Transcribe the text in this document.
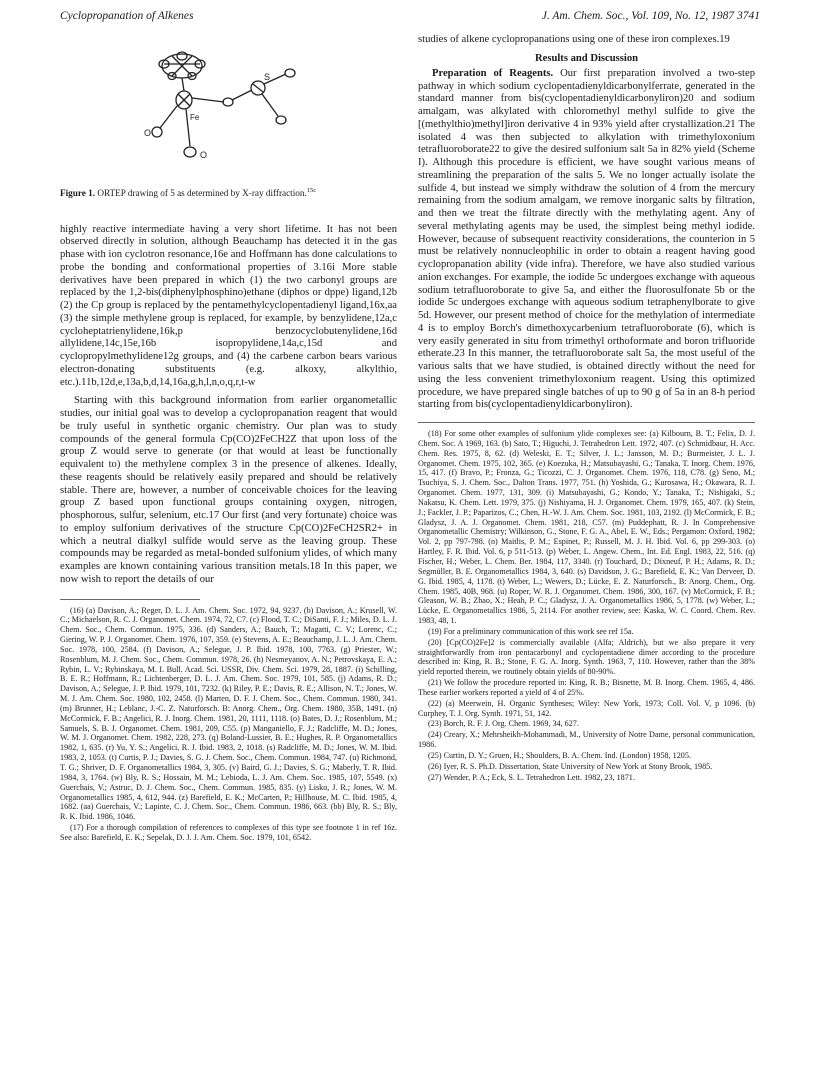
Cyclopropanation of Alkenes	J. Am. Chem. Soc., Vol. 109, No. 12, 1987 3741
S
Fe
O
O
Figure 1. ORTEP drawing of 5 as determined by X-ray diffraction.$^{15c}$

highly reactive intermediate having a very short lifetime. It has not been observed directly in solution, although Beauchamp has detected it in the gas phase with ion cyclotron resonance,16e and Hoffmann has done calculations to probe the bonding and conformational properties of 3.16i More stable derivatives have been prepared in which (1) the two carbonyl groups are replaced by the 1,2-bis(diphenylphosphino)ethane (diphos or dppe) ligand,12b (2) the Cp group is replaced by the pentamethylcyclopentadienyl ligand,16x,aa (3) the simple methylene group is replaced, for example, by benzylidene,12a,c cycloheptatrienylidene,16k,p benzocyclobutenylidene,16d allylidene,14c,15e,16b isopropylidene,14a,c,15d and cyclopropylmethylidene12g groups, and (4) the carbene carbon bears various electron-donating substituents (e.g. alkoxy, alkylthio, etc.).11b,12d,e,13a,b,d,14,16a,g,h,l,n,o,q,r,t-w

Starting with this background information from earlier organometallic studies, our initial goal was to develop a cyclopropanation reagent that would be truly useful in synthetic organic chemistry. Our plan was to study compounds of the general formula Cp(CO)2FeCH2Z that upon loss of the group Z would serve to generate (or that would at least be functionally equivalent to) the methylene complex 3 in the presence of alkenes. Ideally, these reagents should be relatively easily prepared and should be relatively stable. There are, however, a number of conceivable choices for the leaving group Z based upon functional groups containing oxygen, nitrogen, phosphorous, sulfur, selenium, etc.17 Our first (and very fortunate) choice was to employ sulfonium derivatives of the structure Cp(CO)2FeCH2SR2+ in which a neutral dialkyl sulfide would serve as the leaving group. These compounds may be regarded as metal-bonded sulfonium ylides, of which many examples are known containing various transition metals.18 In this paper, we now wish to report the details of our

(16) (a) Davison, A.; Reger, D. L. J. Am. Chem. Soc. 1972, 94, 9237. (b) Davison, A.; Krusell, W. C.; Michaelson, R. C. J. Organomet. Chem. 1974, 72, C7. (c) Flood, T. C.; DiSanti, F. J.; Miles, D. L. J. Chem. Soc., Chem. Commun. 1975, 336. (d) Sanders, A.; Bauch, T.; Magatti, C. V.; Lorenc, C.; Giering, W. P. J. Organomet. Chem. 1976, 107, 359. (e) Stevens, A. E.; Beauchamp, J. L. J. Am. Chem. Soc. 1978, 100, 2584. (f) Davison, A.; Selegue, J. P. Ibid. 1978, 100, 7763. (g) Priester, W.; Rosenblum, M. J. Chem. Soc., Chem. Commun. 1978, 26. (h) Nesmeyanov, A. N.; Petrovskaya, E. A.; Rybin, L. V.; Rybinskaya, M. I. Bull. Acad. Sci. USSR, Div. Chem. Sci. 1979, 28, 1887. (i) Schilling, B. E. R.; Hoffmann, R.; Lichtenberger, D. L. J. Am. Chem. Soc. 1979, 101, 585. (j) Adams, R. D.; Davison, A.; Selegue, J. P. Ibid. 1979, 101, 7232. (k) Riley, P. E.; Davis, R. E.; Allison, N. T.; Jones, W. M. J. Am. Chem. Soc. 1980, 102, 2458. (l) Marten, D. F. J. Chem. Soc., Chem. Commun. 1980, 341. (m) Brunner, H.; Leblanc, J.-C. Z. Naturforsch. B: Anorg. Chem., Org. Chem. 1980, 35B, 1491. (n) McCormick, F. B.; Angelici, R. J. Inorg. Chem. 1981, 20, 1111, 1118. (o) Bates, D. J.; Rosenblum, M.; Samuels, S. B. J. Organomet. Chem. 1981, 209, C55. (p) Manganiello, F. J.; Radcliffe, M. D.; Jones, W. M. J. Organomet. Chem. 1982, 228, 273. (q) Boland-Lussier, B. E.; Hughes, R. P. Organometallics 1982, 1, 635. (r) Yu, Y. S.; Angelici, R. J. Ibid. 1983, 2, 1018. (s) Radcliffe, M. D.; Jones, W. M. Ibid. 1983, 2, 1053. (t) Curtis, P. J.; Davies, S. G. J. Chem. Soc., Chem. Commun. 1984, 747. (u) Richmond, T. G.; Shriver, D. F. Organometallics 1984, 3, 305. (v) Baird, G. J.; Davies, S. G.; Maberly, T. R. Ibid. 1984, 3, 1764. (w) Bly, R. S.; Hossain, M. M.; Lebioda, L. J. Am. Chem. Soc. 1985, 107, 5549. (x) Guerchais, V.; Astruc, D. J. Chem. Soc., Chem. Commun. 1985, 835. (y) Lisko, J. R.; Jones, W. M. Organometallics 1985, 4, 612, 944. (z) Barefield, E. K.; McCarten, P.; Hillhouse, M. C. Ibid. 1985, 4, 1682. (aa) Guerchais, V.; Lapinte, C. J. Chem. Soc., Chem. Commun. 1986, 663. (bb) Bly, R. S.; Bly, R. K. Ibid. 1986, 1046.
(17) For a thorough compilation of references to complexes of this type see footnote 1 in ref 16z. See also: Barefield, E. K.; Sepelak, D. J. J. Am. Chem. Soc. 1979, 101, 6542.

studies of alkene cyclopropanations using one of these iron complexes.19

Results and Discussion

Preparation of Reagents. Our first preparation involved a two-step pathway in which sodium cyclopentadienyldicarbonylferrate, generated in the standard manner from bis(cyclopentadienyldicarbonyliron)20 and sodium amalgam, was alkylated with chloromethyl methyl sulfide to give the [(methylthio)methyl]iron derivative 4 in 93% yield after crystallization.21 The isolated 4 was then subjected to alkylation with trimethyloxonium tetrafluoroborate22 to give the desired sulfonium salt 5a in 82% yield (Scheme I). Although this procedure is efficient, we have sought various means of streamlining the preparation of the salts 5. We no longer actually isolate the sulfide 4, but instead we simply withdraw the solution of 4 from the mercury remaining from the sodium amalgam, we remove inorganic salts by filtration, and then we treat the filtrate directly with the methylating agent. Any of several methylating agents may be used, the simplest being methyl iodide. However, because of subsequent reactivity considerations, the counterion in 5 must be relatively nonnucleophilic in order to obtain a reagent having good cyclopropanation ability (vide infra). Therefore, we have also studied various anion exchanges. For example, the iodide 5c undergoes exchange with aqueous sodium tetrafluoroborate to give 5a, and either the fluorosulfonate 5b or the iodide 5c undergoes exchange with aqueous sodium tetraphenylborate to give 5d. However, our present method of choice for the methylation of intermediate 4 is to employ Borch's dimethoxycarbenium tetrafluoroborate (6), which is very easily generated in situ from trimethyl orthoformate and boron trifluoride etherate.23 In this manner, the tetrafluoroborate salt 5a, the most useful of the various salts that we have studied, is obtained directly without the need for using the less convenient trimethyloxonium reagent. Using this optimized procedure, we have prepared single batches of up to 90 g of 5a in an 8-h period starting from bis(cyclopentadienyldicarbonyliron).

(18) For some other examples of sulfonium ylide complexes see: (a) Kilbourn, B. T.; Felix, D. J. Chem. Soc. A 1969, 163. (b) Sato, T.; Higuchi, J. Tetrahedron Lett. 1972, 407. (c) Schmidbaur, H. Acc. Chem. Res. 1975, 8, 62. (d) Weleski, E. T.; Silver, J. L.; Jansson, M. D.; Burmeister, J. L. J. Organomet. Chem. 1975, 102, 365. (e) Koezuka, H.; Matsubayashi, G.; Tanaka, T. Inorg. Chem. 1976, 15, 417. (f) Bravo, P.; Fronza, G.; Ticozzi, C. J. Organomet. Chem. 1976, 118, C78. (g) Seno, M.; Tsuchiya, S. J. Chem. Soc., Dalton Trans. 1977, 751. (h) Yoshida, G.; Kurosawa, H.; Okawara, R. J. Organomet. Chem. 1977, 131, 309. (i) Matsubayashi, G.; Kondo, Y.; Tanaka, T.; Nishigaki, S.; Nakatsu, K. Chem. Lett. 1979, 375. (j) Nishiyama, H. J. Organomet. Chem. 1979, 165, 407. (k) Stein, J.; Fackler, J. P.; Paparizos, C.; Chen, H.-W. J. Am. Chem. Soc. 1981, 103, 2192. (l) McCormick, F. B.; Gladysz, J. A. J. Organomet. Chem. 1981, 218, C57. (m) Puddephatt, R. J. In Comprehensive Organometallic Chemistry; Wilkinson, G., Stone, F. G. A., Abel, E. W., Eds.; Pergamon: Oxford, 1982; Vol. 2, pp 797-798. (n) Maitlis, P. M.; Espinet, P.; Russell, M. J. H. Ibid. Vol. 6, pp 299-303. (o) Hartley, F. R. Ibid. Vol. 6, p 511-513. (p) Weber, L. Angew. Chem., Int. Ed. Engl. 1983, 22, 516. (q) Fischer, H.; Weber, L. Chem. Ber. 1984, 117, 3340. (r) Touchard, D.; Dixneuf, P. H.; Adams, R. D.; Segmüller, B. E. Organometallics 1984, 3, 640. (s) Davidson, J. G.; Barefield, E. K.; Van Derveer, D. G. Ibid. 1985, 4, 1178. (t) Weber, L.; Wewers, D.; Lücke, E. Z. Naturforsch., B: Anorg. Chem., Org. Chem. 1985, 40B, 968. (u) Roper, W. R. J. Organomet. Chem. 1986, 300, 167. (v) McCormick, F. B.; Gleason, W. B.; Zhao, X.; Heah, P. C.; Gladysz, J. A. Organometallics 1986, 5, 1778. (w) Weber, L.; Lücke, E. Organometallics 1986, 5, 2114. For another review, see: Kaska, W. C. Coord. Chem. Rev. 1983, 48, 1.
(19) For a preliminary communication of this work see ref 15a.
(20) [Cp(CO)2Fe]2 is commercially available (Alfa; Aldrich), but we also prepare it very straightforwardly from iron pentacarbonyl and cyclopentadiene dimer according to the procedure described in: King, R. B.; Stone, F. G. A. Inorg. Synth. 1963, 7, 110. However, rather than the 38% yield reported therein, we routinely obtain yields of 80-90%.
(21) We follow the procedure reported in: King, R. B.; Bisnette, M. B. Inorg. Chem. 1965, 4, 486. These earlier workers reported a yield of 4 of 25%.
(22) (a) Meerwein, H. Organic Syntheses; Wiley: New York, 1973; Coll. Vol. V, p 1096. (b) Curphey, T. J. Org. Synth. 1971, 51, 142.
(23) Borch, R. F. J. Org. Chem. 1969, 34, 627.
(24) Creary, X.; Mehrsheikh-Mohammadi, M., University of Notre Dame, personal communication, 1986.
(25) Curtin, D. Y.; Gruen, H.; Shoulders, B. A. Chem. Ind. (London) 1958, 1205.
(26) Iyer, R. S. Ph.D. Dissertation, State University of New York at Stony Brook, 1985.
(27) Wender, P. A.; Eck, S. L. Tetrahedron Lett. 1982, 23, 1871.
